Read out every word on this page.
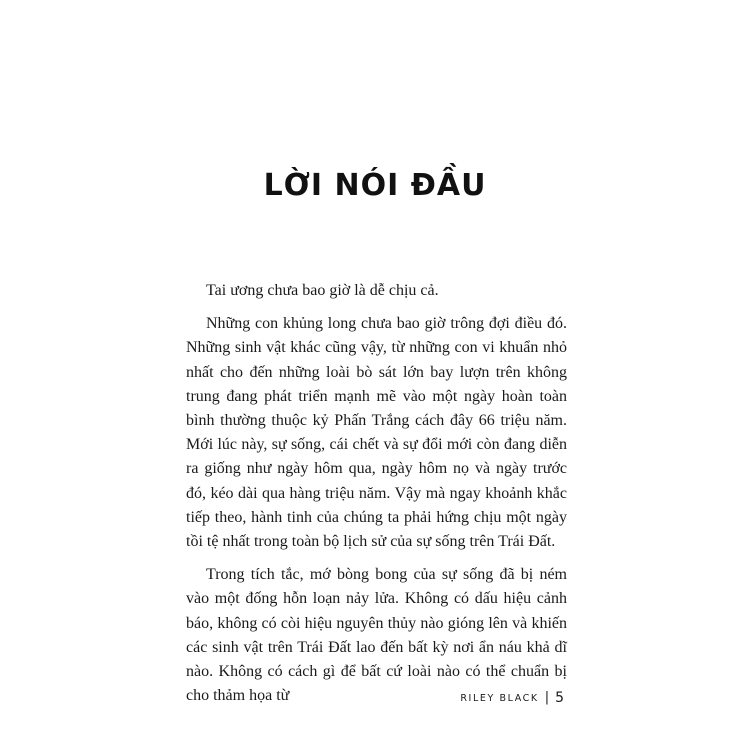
LỜI NÓI ĐẦU

Tai ương chưa bao giờ là dễ chịu cả.

Những con khủng long chưa bao giờ trông đợi điều đó. Những sinh vật khác cũng vậy, từ những con vi khuẩn nhỏ nhất cho đến những loài bò sát lớn bay lượn trên không trung đang phát triển mạnh mẽ vào một ngày hoàn toàn bình thường thuộc kỷ Phấn Trắng cách đây 66 triệu năm. Mới lúc này, sự sống, cái chết và sự đổi mới còn đang diễn ra giống như ngày hôm qua, ngày hôm nọ và ngày trước đó, kéo dài qua hàng triệu năm. Vậy mà ngay khoảnh khắc tiếp theo, hành tinh của chúng ta phải hứng chịu một ngày tồi tệ nhất trong toàn bộ lịch sử của sự sống trên Trái Đất.

Trong tích tắc, mớ bòng bong của sự sống đã bị ném vào một đống hỗn loạn nảy lửa. Không có dấu hiệu cảnh báo, không có còi hiệu nguyên thủy nào gióng lên và khiến các sinh vật trên Trái Đất lao đến bất kỳ nơi ẩn náu khả dĩ nào. Không có cách gì để bất cứ loài nào có thể chuẩn bị cho thảm họa từ	RILEY BLACK | 5
